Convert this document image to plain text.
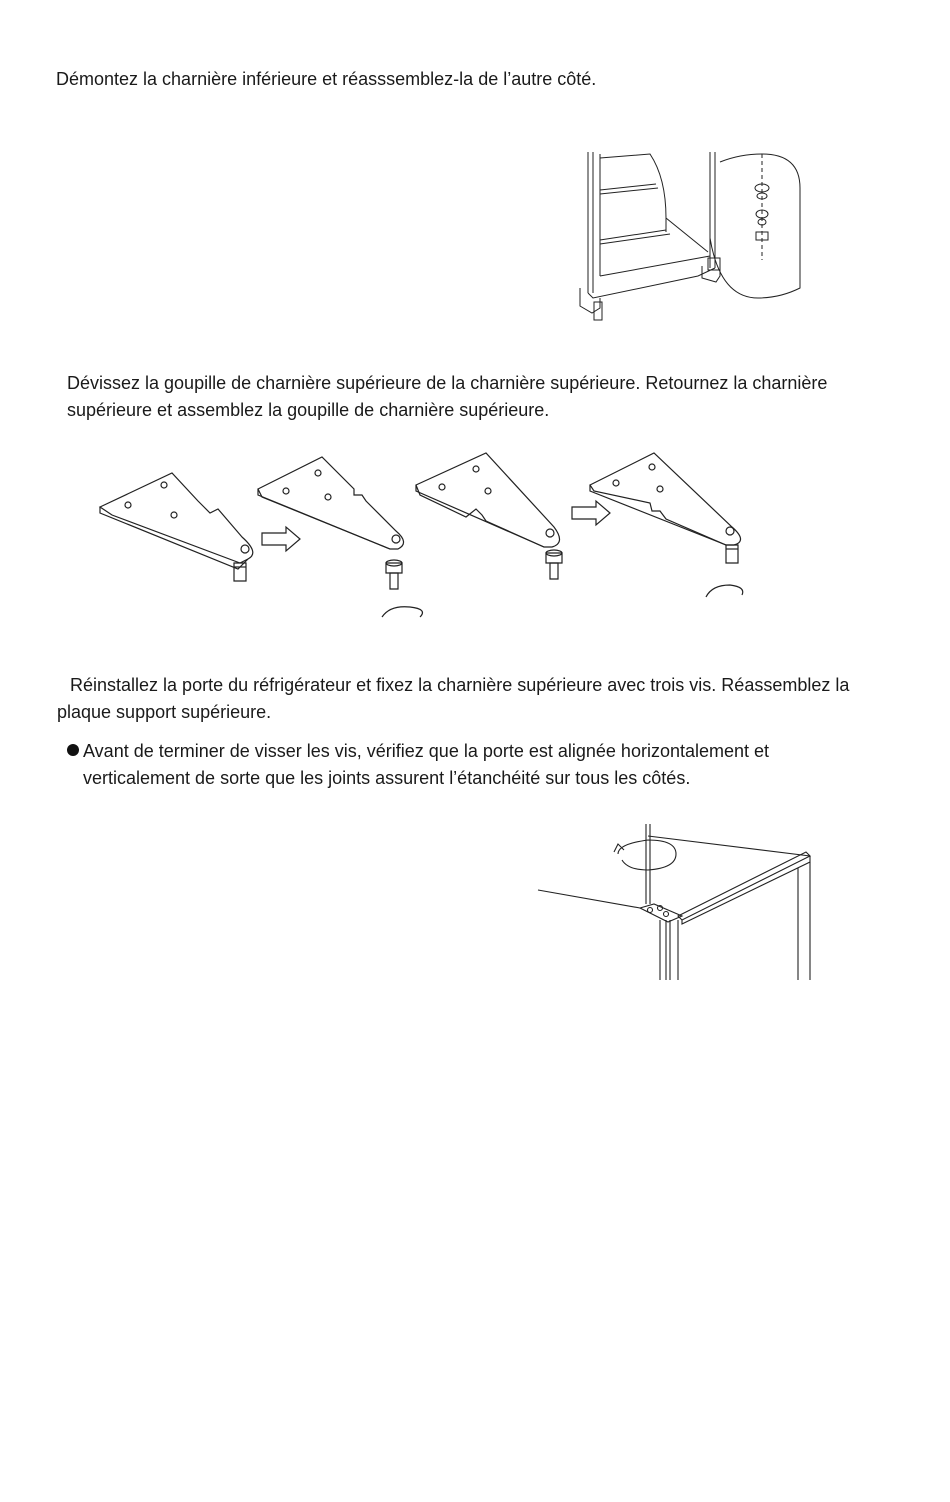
Démontez la charnière inférieure et réasssemblez-la de l’autre côté.
Dévissez la goupille de charnière supérieure de la charnière supérieure. Retournez la charnière
supérieure et assemblez la goupille de charnière supérieure.
Réinstallez la porte du réfrigérateur et fixez la charnière supérieure avec trois vis. Réassemblez la
plaque support supérieure.
Avant de terminer de visser les vis, vérifiez que la porte est alignée horizontalement et
verticalement de sorte que les joints assurent l’étanchéité sur tous les côtés.
